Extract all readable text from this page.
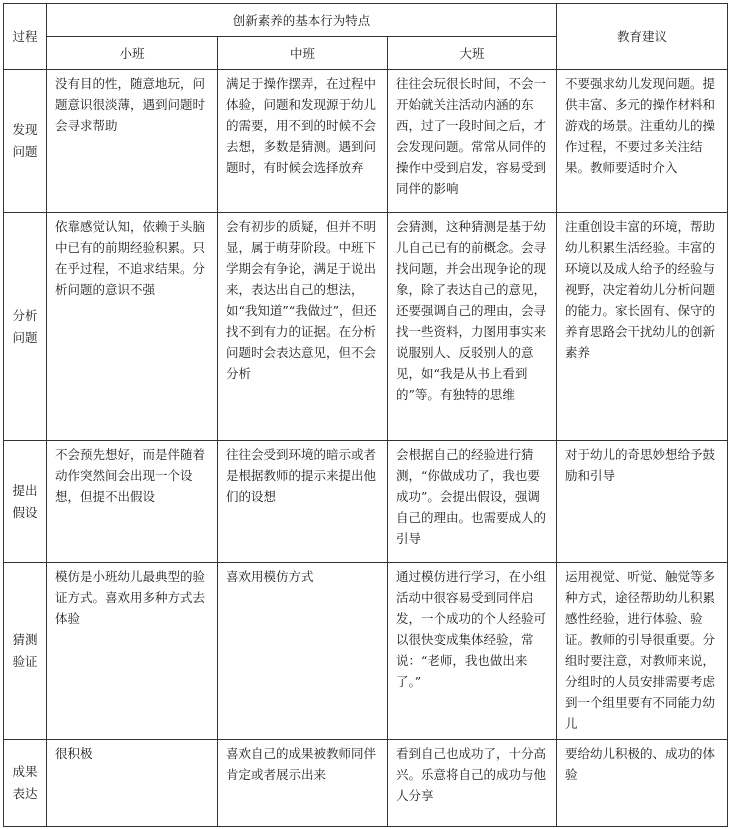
过程	创新素养的基本行为特点			教育建议
	小班	中班	大班	

发现
问题	没有目的性，随意地玩，问题意识很淡薄，遇到问题时会寻求帮助	满足于操作摆弄，在过程中体验，问题和发现源于幼儿的需要，用不到的时候不会去想，多数是猜测。遇到问题时，有时候会选择放弃	往往会玩很长时间，不会一开始就关注活动内涵的东西，过了一段时间之后，才会发现问题。常常从同伴的操作中受到启发，容易受到同伴的影响	不要强求幼儿发现问题。提供丰富、多元的操作材料和游戏的场景。注重幼儿的操作过程，不要过多关注结果。教师要适时介入

分析
问题	依靠感觉认知，依赖于头脑中已有的前期经验积累。只在乎过程，不追求结果。分析问题的意识不强	会有初步的质疑，但并不明显，属于萌芽阶段。中班下学期会有争论，满足于说出来，表达出自己的想法，如“我知道”“我做过”，但还找不到有力的证据。在分析问题时会表达意见，但不会分析	会猜测，这种猜测是基于幼儿自己已有的前概念。会寻找问题，并会出现争论的现象，除了表达自己的意见，还要强调自己的理由，会寻找一些资料，力图用事实来说服别人、反驳别人的意见，如“我是从书上看到的”等。有独特的思维	注重创设丰富的环境，帮助幼儿积累生活经验。丰富的环境以及成人给予的经验与视野，决定着幼儿分析问题的能力。家长固有、保守的养育思路会干扰幼儿的创新素养

提出
假设	不会预先想好，而是伴随着动作突然间会出现一个设想，但提不出假设	往往会受到环境的暗示或者是根据教师的提示来提出他们的设想	会根据自己的经验进行猜测，“你做成功了，我也要成功”。会提出假设，强调自己的理由。也需要成人的引导	对于幼儿的奇思妙想给予鼓励和引导

猜测
验证	模仿是小班幼儿最典型的验证方式。喜欢用多种方式去体验	喜欢用模仿方式	通过模仿进行学习，在小组活动中很容易受到同伴启发，一个成功的个人经验可以很快变成集体经验，常说：“老师，我也做出来了。”	运用视觉、听觉、触觉等多种方式，途径帮助幼儿积累感性经验，进行体验、验证。教师的引导很重要。分组时要注意，对教师来说，分组时的人员安排需要考虑到一个组里要有不同能力幼儿

成果
表达	很积极	喜欢自己的成果被教师同伴肯定或者展示出来	看到自己也成功了，十分高兴。乐意将自己的成功与他人分享	要给幼儿积极的、成功的体验
